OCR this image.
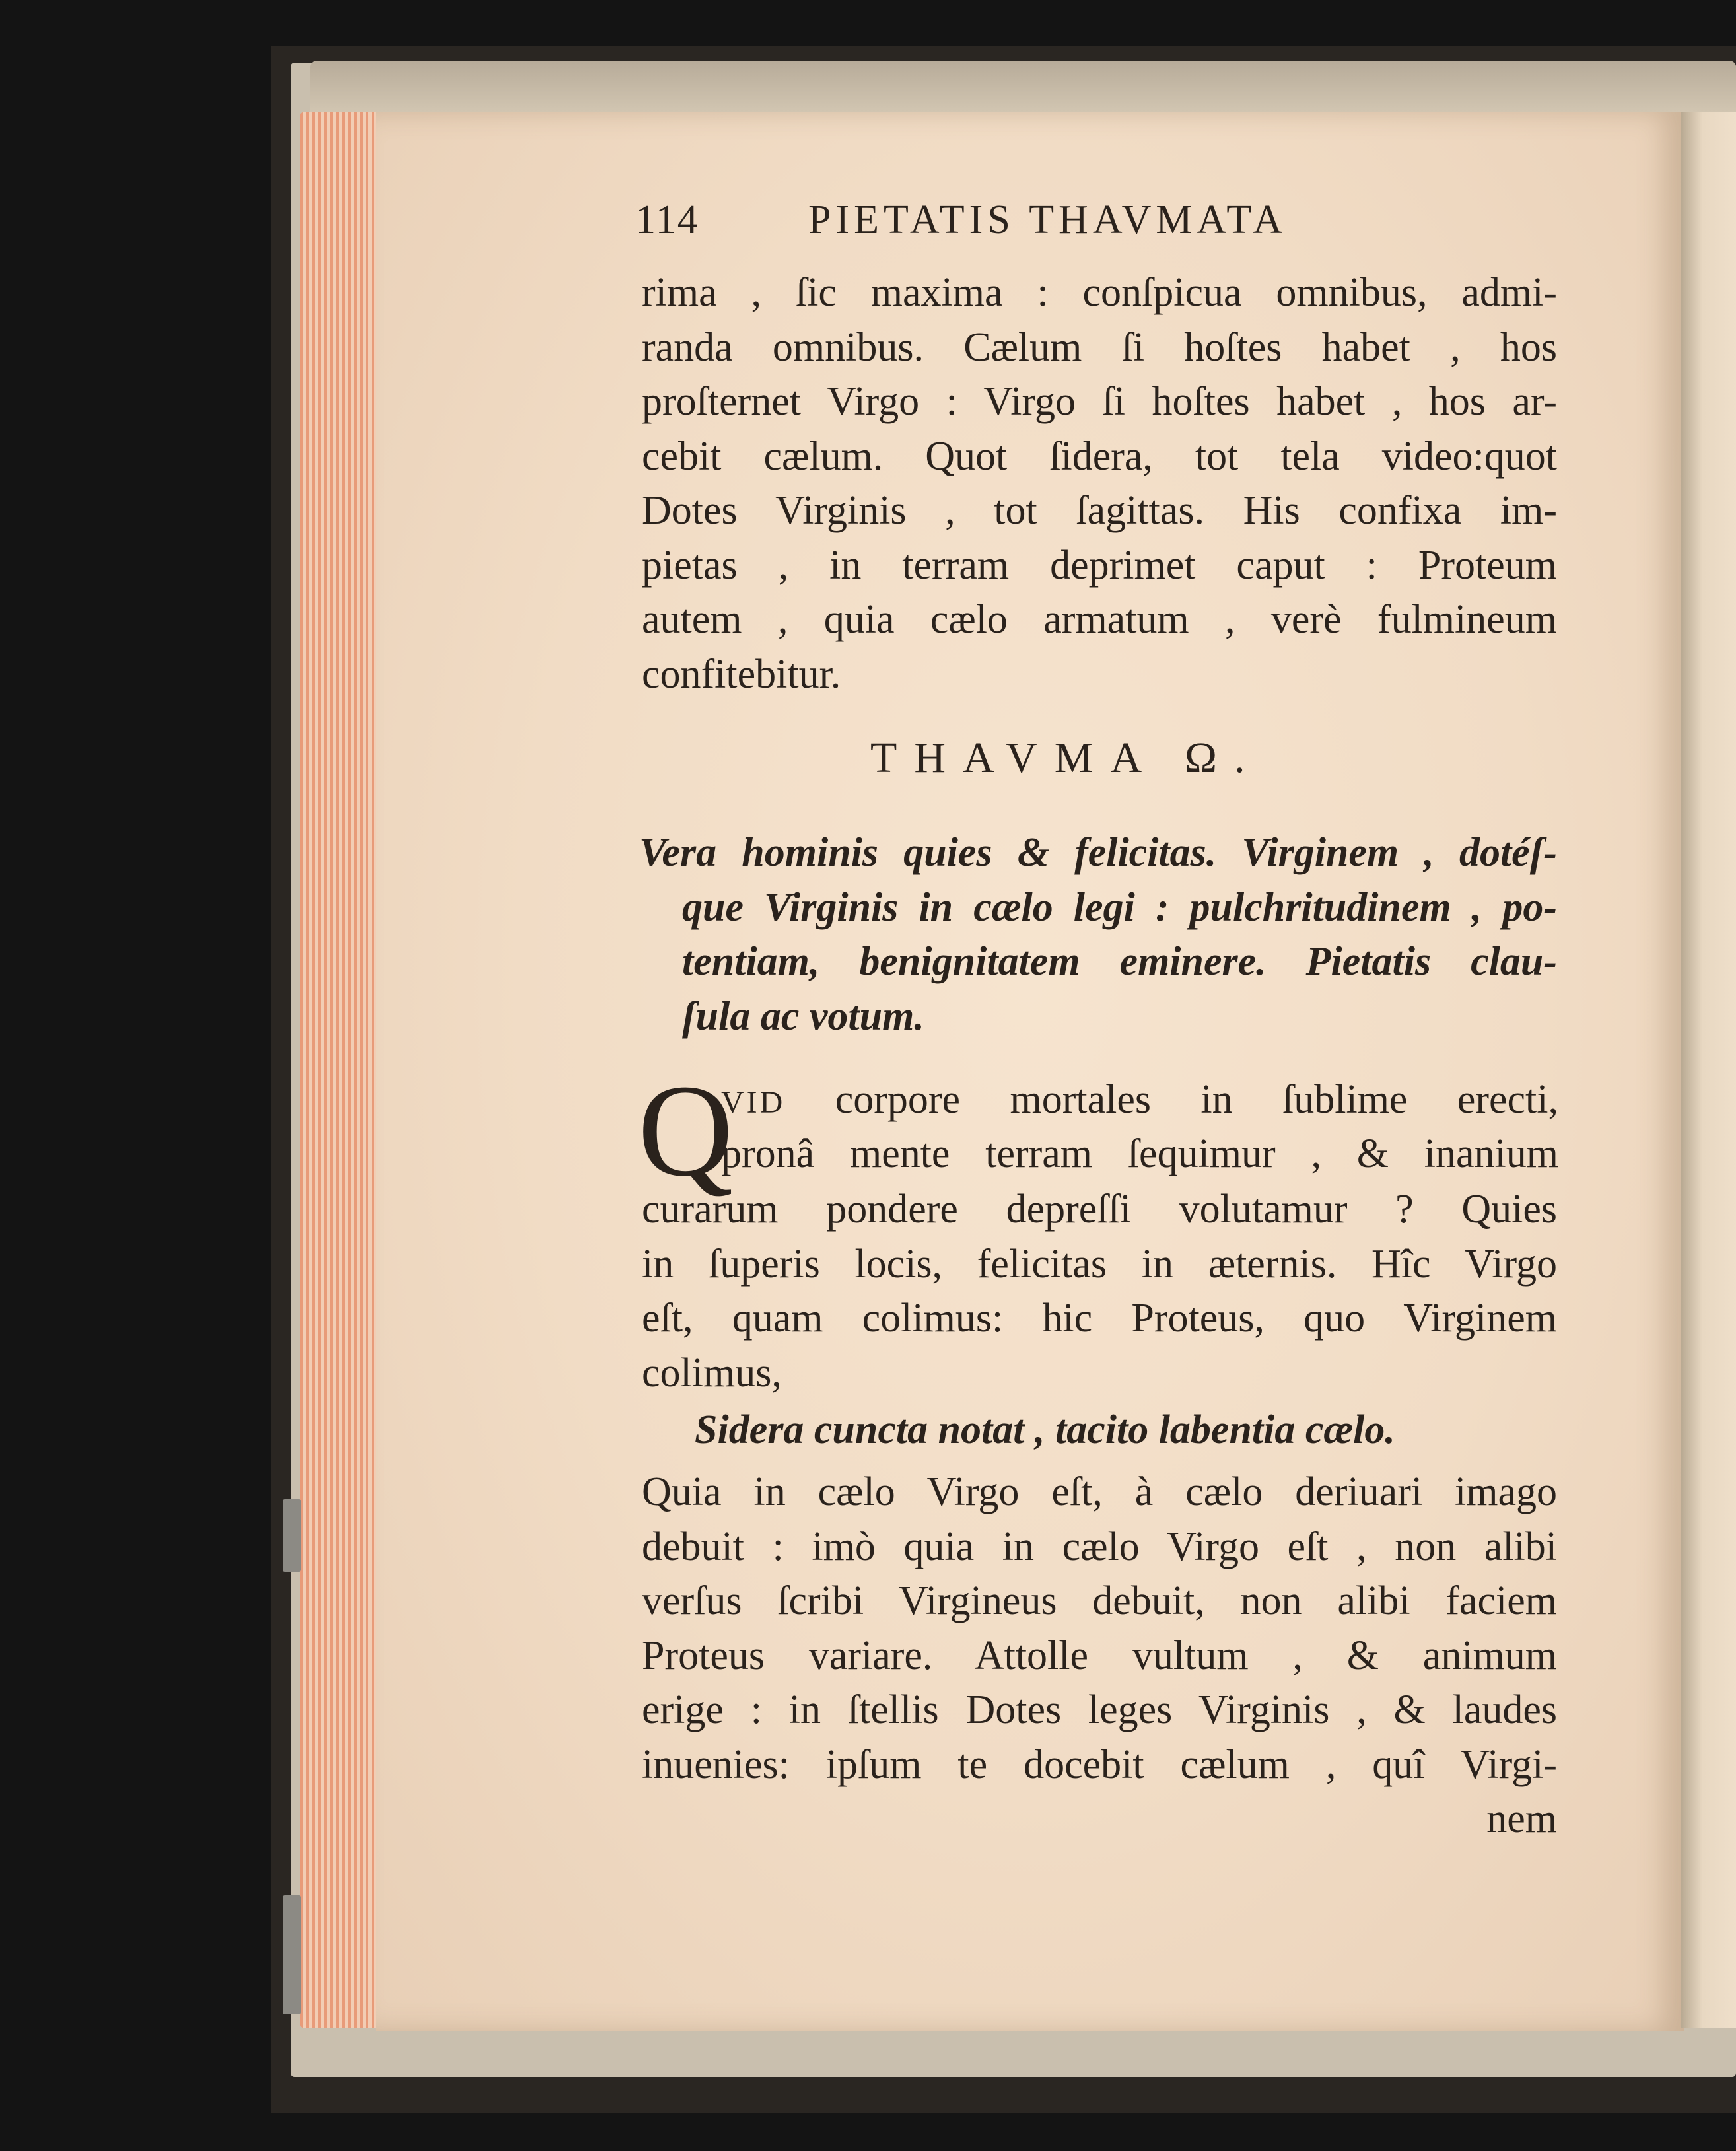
114	PIETATIS THAVMATA
rima , ſic maxima : conſpicua omnibus, admi-
randa omnibus. Cælum ſi hoſtes habet , hos
proſternet Virgo : Virgo ſi hoſtes habet , hos ar-
cebit cælum. Quot ſidera, tot tela video:quot
Dotes Virginis , tot ſagittas. His confixa im-
pietas , in terram deprimet caput : Proteum
autem , quia cælo armatum , verè fulmineum
confitebitur.
THAVMA Ω.
Vera hominis quies & felicitas. Virginem , dotéſ-
que Virginis in cælo legi : pulchritudinem , po-
tentiam, benignitatem eminere. Pietatis clau-
ſula ac votum.
Q
VID corpore mortales in ſublime erecti,
pronâ mente terram ſequimur , & inanium
curarum pondere depreſſi volutamur ? Quies
in ſuperis locis, felicitas in æternis. Hîc Virgo
eſt, quam colimus: hic Proteus, quo Virginem
colimus,
Sidera cuncta notat , tacito labentia cælo.
Quia in cælo Virgo eſt, à cælo deriuari imago
debuit : imò quia in cælo Virgo eſt , non alibi
verſus ſcribi Virgineus debuit, non alibi faciem
Proteus variare. Attolle vultum , & animum
erige : in ſtellis Dotes leges Virginis , & laudes
inuenies: ipſum te docebit cælum , quî Virgi-
nem
